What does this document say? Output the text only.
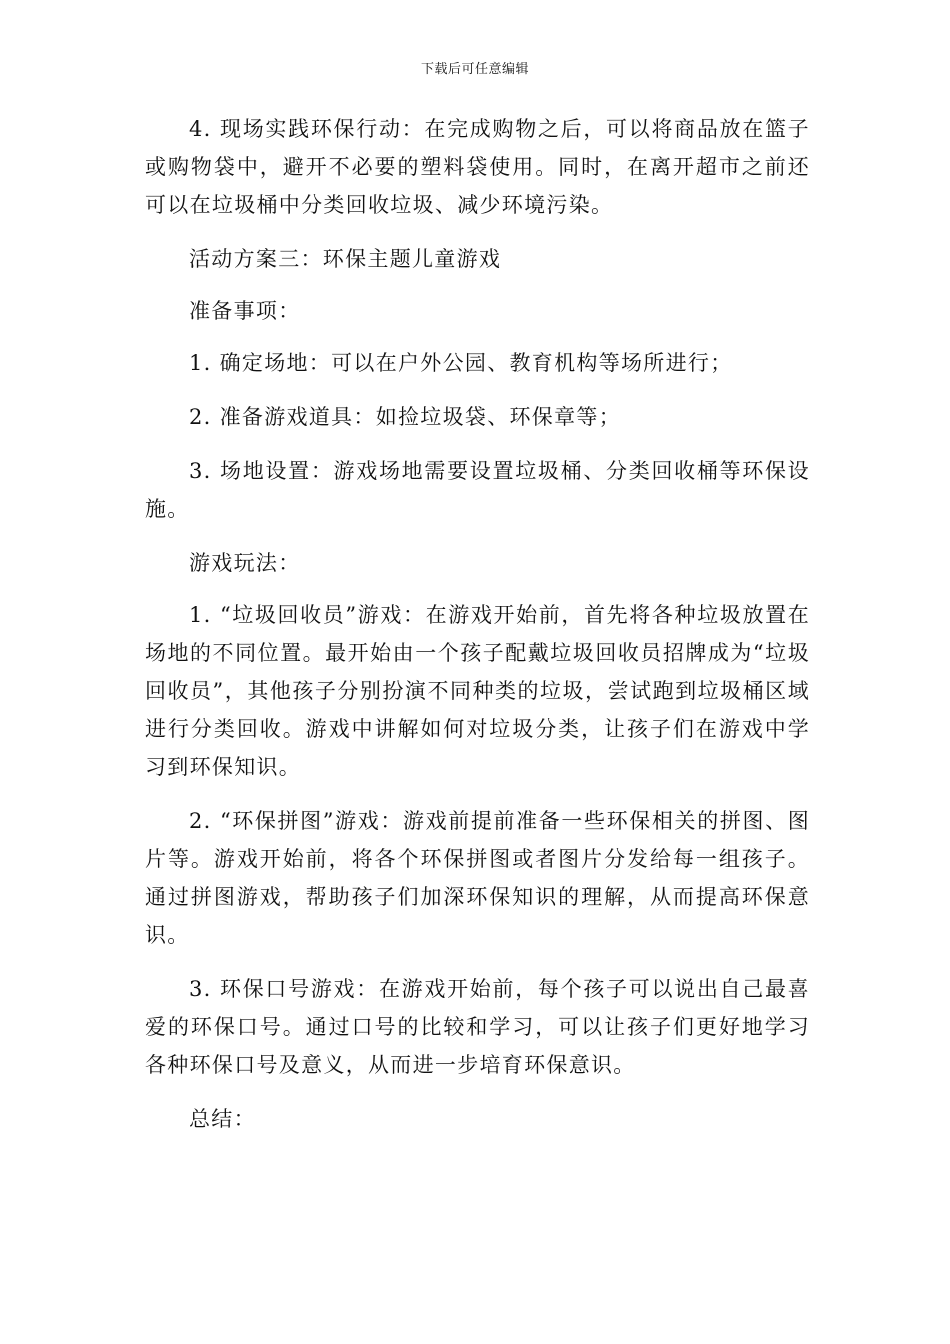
下载后可任意编辑

4. 现场实践环保行动：在完成购物之后，可以将商品放在篮子或购物袋中，避开不必要的塑料袋使用。同时，在离开超市之前还可以在垃圾桶中分类回收垃圾、减少环境污染。

活动方案三：环保主题儿童游戏

准备事项：

1. 确定场地：可以在户外公园、教育机构等场所进行；

2. 准备游戏道具：如捡垃圾袋、环保章等；

3. 场地设置：游戏场地需要设置垃圾桶、分类回收桶等环保设施。

游戏玩法：

1. “垃圾回收员”游戏：在游戏开始前，首先将各种垃圾放置在场地的不同位置。最开始由一个孩子配戴垃圾回收员招牌成为“垃圾回收员”，其他孩子分别扮演不同种类的垃圾，尝试跑到垃圾桶区域进行分类回收。游戏中讲解如何对垃圾分类，让孩子们在游戏中学习到环保知识。

2. “环保拼图”游戏：游戏前提前准备一些环保相关的拼图、图片等。游戏开始前，将各个环保拼图或者图片分发给每一组孩子。通过拼图游戏，帮助孩子们加深环保知识的理解，从而提高环保意识。

3. 环保口号游戏：在游戏开始前，每个孩子可以说出自己最喜爱的环保口号。通过口号的比较和学习，可以让孩子们更好地学习各种环保口号及意义，从而进一步培育环保意识。

总结：
